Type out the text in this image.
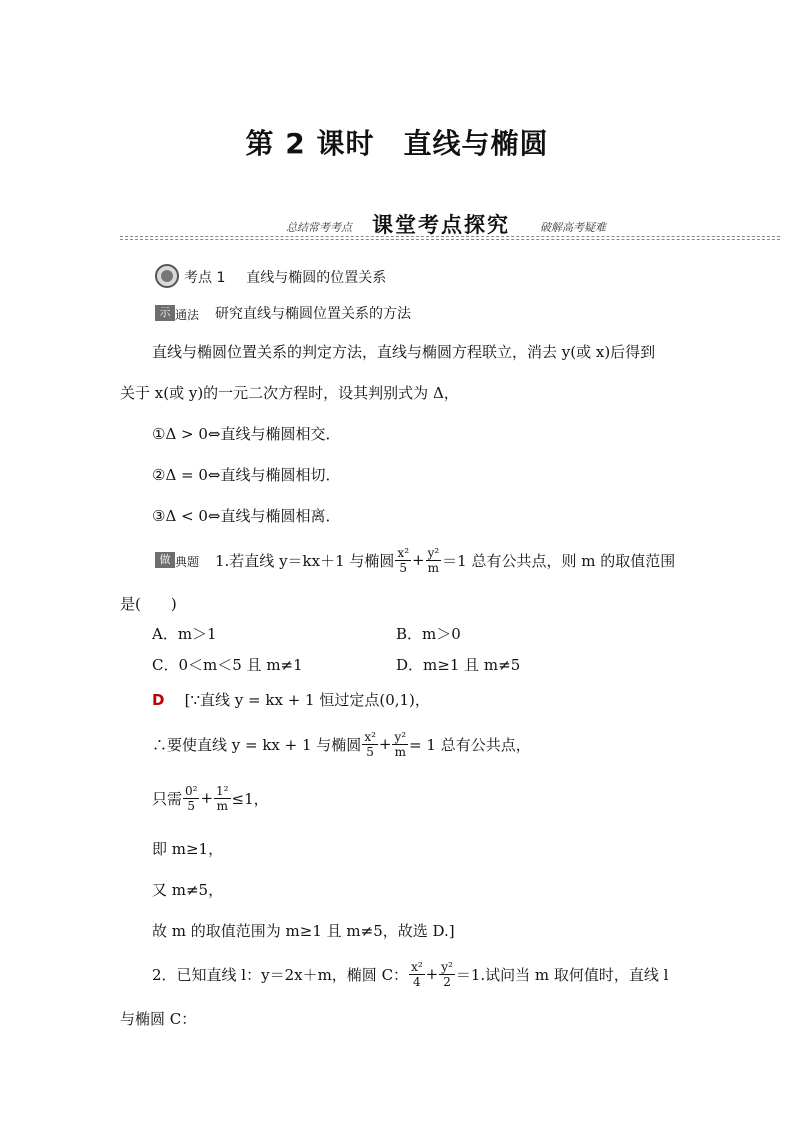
第 2 课时　直线与椭圆
总结常考考点 课堂考点探究	破解高考疑难
考点 1 直线与椭圆的位置关系
示 通法 研究直线与椭圆位置关系的方法
直线与椭圆位置关系的判定方法，直线与椭圆方程联立，消去 y(或 x)后得到
关于 x(或 y)的一元二次方程时，设其判别式为 Δ，
①Δ > 0⇔直线与椭圆相交．
②Δ = 0⇔直线与椭圆相切．
③Δ < 0⇔直线与椭圆相离．
做 典题 1.若直线 y＝kx＋1 与椭圆 $\frac{\text{x²}}{5} + \frac{\text{y²}}{m} =1$ 总有公共点，则 m 的取值范围
是(　　)
A．m＞1	B．m＞0
C．0＜m＜5 且 m≠1	D．m≥1 且 m≠5
D [∵直线 y = kx + 1 恒过定点(0,1)，
∴要使直线 y = kx + 1 与椭圆 $\frac{\text{x²}}{5} + \frac{\text{y²}}{m} = 1$ 总有公共点，
只需 $\frac{\text{0²}}{5} + \frac{\text{1²}}{m} \le 1$，
即 m≥1，
又 m≠5，
故 m 的取值范围为 m≥1 且 m≠5，故选 D.]
2．已知直线 l：y＝2x＋m，椭圆 C： $\frac{\text{x²}}{4} + \frac{\text{y²}}{2} =1$.试问当 m 取何值时，直线 l
与椭圆 C：
